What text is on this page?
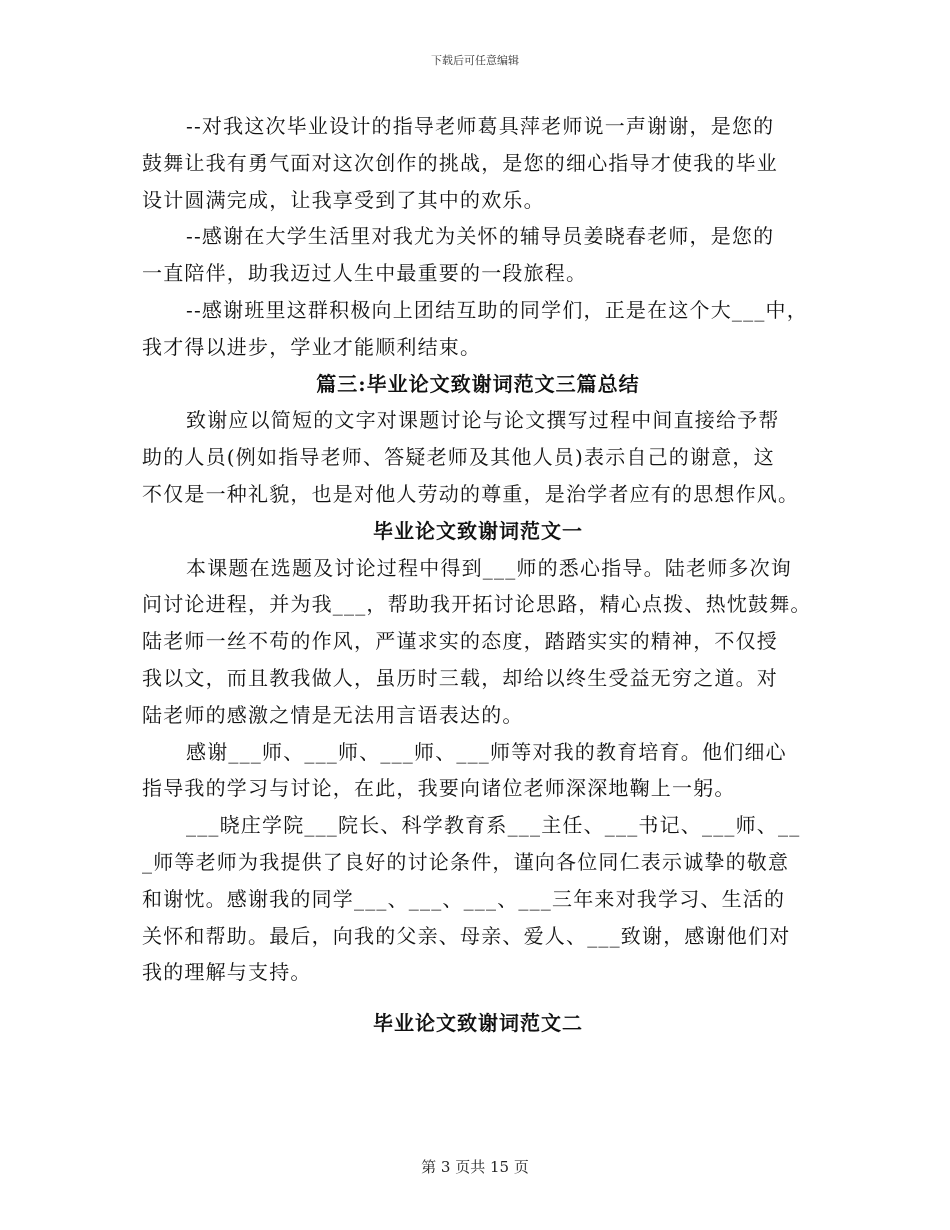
下载后可任意编辑
--对我这次毕业设计的指导老师葛具萍老师说一声谢谢，是您的
鼓舞让我有勇气面对这次创作的挑战，是您的细心指导才使我的毕业
设计圆满完成，让我享受到了其中的欢乐。
--感谢在大学生活里对我尤为关怀的辅导员姜晓春老师，是您的
一直陪伴，助我迈过人生中最重要的一段旅程。
--感谢班里这群积极向上团结互助的同学们，正是在这个大___中，
我才得以进步，学业才能顺利结束。
篇三:毕业论文致谢词范文三篇总结
致谢应以简短的文字对课题讨论与论文撰写过程中间直接给予帮
助的人员(例如指导老师、答疑老师及其他人员)表示自己的谢意，这
不仅是一种礼貌，也是对他人劳动的尊重，是治学者应有的思想作风。
毕业论文致谢词范文一
本课题在选题及讨论过程中得到___师的悉心指导。陆老师多次询
问讨论进程，并为我___，帮助我开拓讨论思路，精心点拨、热忱鼓舞。
陆老师一丝不苟的作风，严谨求实的态度，踏踏实实的精神，不仅授
我以文，而且教我做人，虽历时三载，却给以终生受益无穷之道。对
陆老师的感激之情是无法用言语表达的。
感谢___师、___师、___师、___师等对我的教育培育。他们细心
指导我的学习与讨论，在此，我要向诸位老师深深地鞠上一躬。
___晓庄学院___院长、科学教育系___主任、___书记、___师、__
_师等老师为我提供了良好的讨论条件，谨向各位同仁表示诚挚的敬意
和谢忱。感谢我的同学___、___、___、___三年来对我学习、生活的
关怀和帮助。最后，向我的父亲、母亲、爱人、___致谢，感谢他们对
我的理解与支持。
毕业论文致谢词范文二
第 3 页共 15 页
